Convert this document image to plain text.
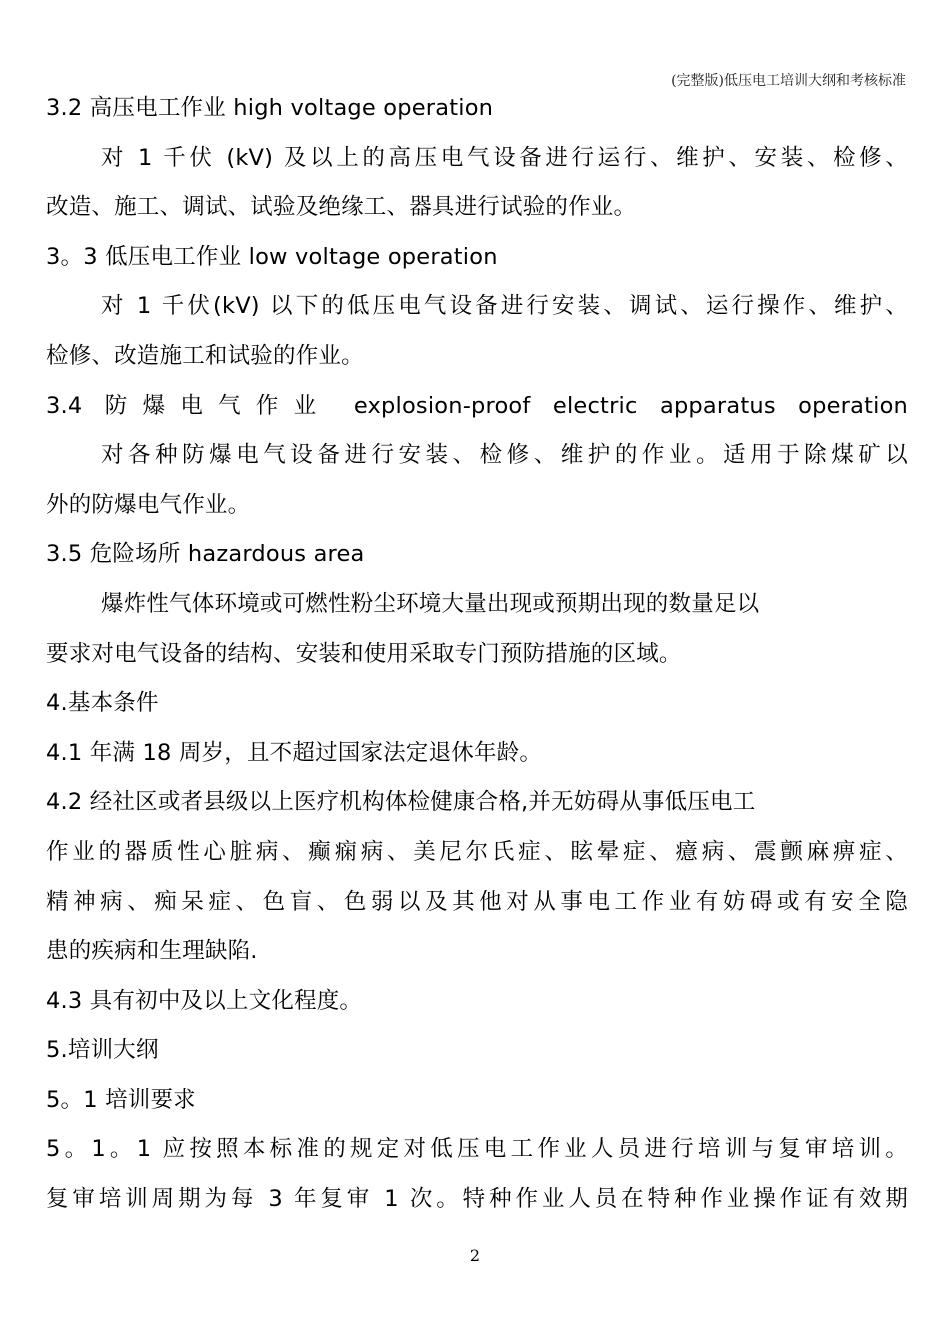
(完整版)低压电工培训大纲和考核标准
3.2 高压电工作业 high voltage operation
对 1 千伏 (kV) 及以上的高压电气设备进行运行、维护、安装、检修、
改造、施工、调试、试验及绝缘工、器具进行试验的作业。
3。3 低压电工作业 low voltage operation
对 1 千伏(kV) 以下的低压电气设备进行安装、调试、运行操作、维护、
检修、改造施工和试验的作业。
3.4 防爆电气作业 explosion-proof electric apparatus operation
对各种防爆电气设备进行安装、检修、维护的作业。适用于除煤矿以
外的防爆电气作业。
3.5 危险场所 hazardous area
爆炸性气体环境或可燃性粉尘环境大量出现或预期出现的数量足以
要求对电气设备的结构、安装和使用采取专门预防措施的区域。
4.基本条件
4.1 年满 18 周岁，且不超过国家法定退休年龄。
4.2 经社区或者县级以上医疗机构体检健康合格,并无妨碍从事低压电工
作业的器质性心脏病、癫痫病、美尼尔氏症、眩晕症、癔病、震颤麻痹症、
精神病、痴呆症、色盲、色弱以及其他对从事电工作业有妨碍或有安全隐
患的疾病和生理缺陷.
4.3 具有初中及以上文化程度。
5.培训大纲
5。1 培训要求
5。1。1 应按照本标准的规定对低压电工作业人员进行培训与复审培训。
复审培训周期为每 3 年复审 1 次。特种作业人员在特种作业操作证有效期
2
